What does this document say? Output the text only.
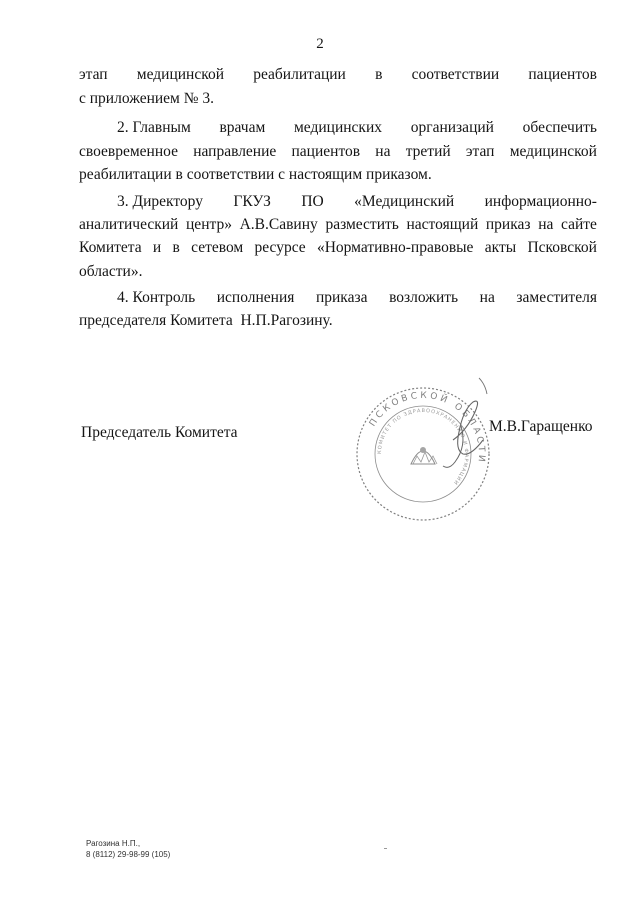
2
этап медицинской реабилитации в соответствии пациентов
с приложением № 3.
2. Главным врачам медицинских организаций обеспечить
своевременное направление пациентов на третий этап медицинской
реабилитации в соответствии с настоящим приказом.
3. Директору ГКУЗ ПО «Медицинский информационно-
аналитический центр» А.В.Савину разместить настоящий приказ на сайте
Комитета и в сетевом ресурсе «Нормативно-правовые акты Псковской
области».
4. Контроль исполнения приказа возложить на заместителя
председателя Комитета  Н.П.Рагозину.
Председатель Комитета
ПСКОВСКОЙ ОБЛАСТИ
КОМИТЕТ ПО ЗДРАВООХРАНЕНИЮ И ФАРМАЦИИ
М.В.Гаращенко
Рагозина Н.П.,
8 (8112) 29-98-99 (105)
